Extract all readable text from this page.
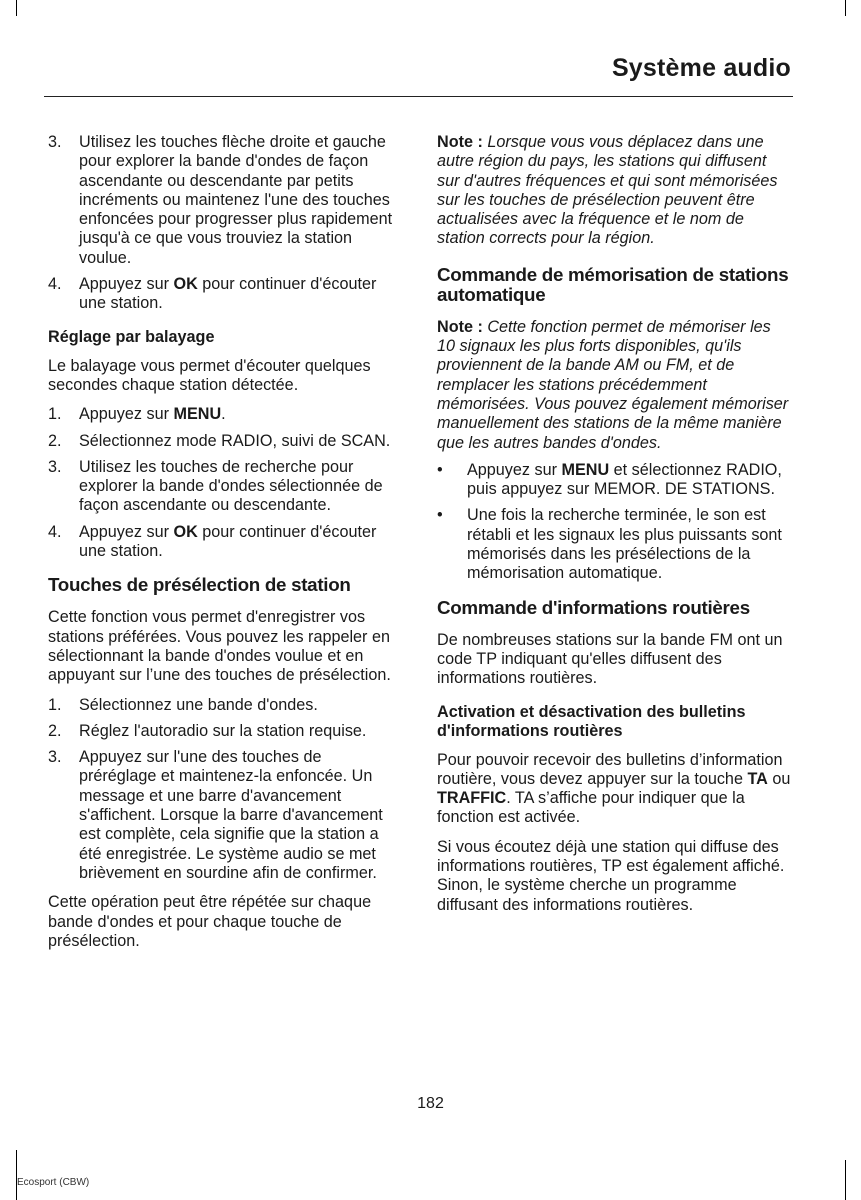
Système audio
3. Utilisez les touches flèche droite et gauche pour explorer la bande d'ondes de façon ascendante ou descendante par petits incréments ou maintenez l'une des touches enfoncées pour progresser plus rapidement jusqu'à ce que vous trouviez la station voulue.
4. Appuyez sur OK pour continuer d'écouter une station.
Réglage par balayage

Le balayage vous permet d'écouter quelques secondes chaque station détectée.

1. Appuyez sur MENU.
2. Sélectionnez mode RADIO, suivi de SCAN.
3. Utilisez les touches de recherche pour explorer la bande d'ondes sélectionnée de façon ascendante ou descendante.
4. Appuyez sur OK pour continuer d'écouter une station.
Touches de présélection de station

Cette fonction vous permet d'enregistrer vos stations préférées. Vous pouvez les rappeler en sélectionnant la bande d'ondes voulue et en appuyant sur l’une des touches de présélection.

1. Sélectionnez une bande d'ondes.
2. Réglez l'autoradio sur la station requise.
3. Appuyez sur l'une des touches de préréglage et maintenez-la enfoncée. Un message et une barre d'avancement s'affichent. Lorsque la barre d'avancement est complète, cela signifie que la station a été enregistrée. Le système audio se met brièvement en sourdine afin de confirmer.

Cette opération peut être répétée sur chaque bande d'ondes et pour chaque touche de présélection.

Note : Lorsque vous vous déplacez dans une autre région du pays, les stations qui diffusent sur d'autres fréquences et qui sont mémorisées sur les touches de présélection peuvent être actualisées avec la fréquence et le nom de station corrects pour la région.

Commande de mémorisation de stations automatique

Note : Cette fonction permet de mémoriser les 10 signaux les plus forts disponibles, qu'ils proviennent de la bande AM ou FM, et de remplacer les stations précédemment mémorisées. Vous pouvez également mémoriser manuellement des stations de la même manière que les autres bandes d'ondes.

•	Appuyez sur MENU et sélectionnez RADIO, puis appuyez sur MEMOR. DE STATIONS.
•	Une fois la recherche terminée, le son est rétabli et les signaux les plus puissants sont mémorisés dans les présélections de la mémorisation automatique.
Commande d'informations routières

De nombreuses stations sur la bande FM ont un code TP indiquant qu'elles diffusent des informations routières.

Activation et désactivation des bulletins d'informations routières

Pour pouvoir recevoir des bulletins d’information routière, vous devez appuyer sur la touche TA ou TRAFFIC. TA s’affiche pour indiquer que la fonction est activée.

Si vous écoutez déjà une station qui diffuse des informations routières, TP est également affiché. Sinon, le système cherche un programme diffusant des informations routières.

182
Ecosport (CBW)
